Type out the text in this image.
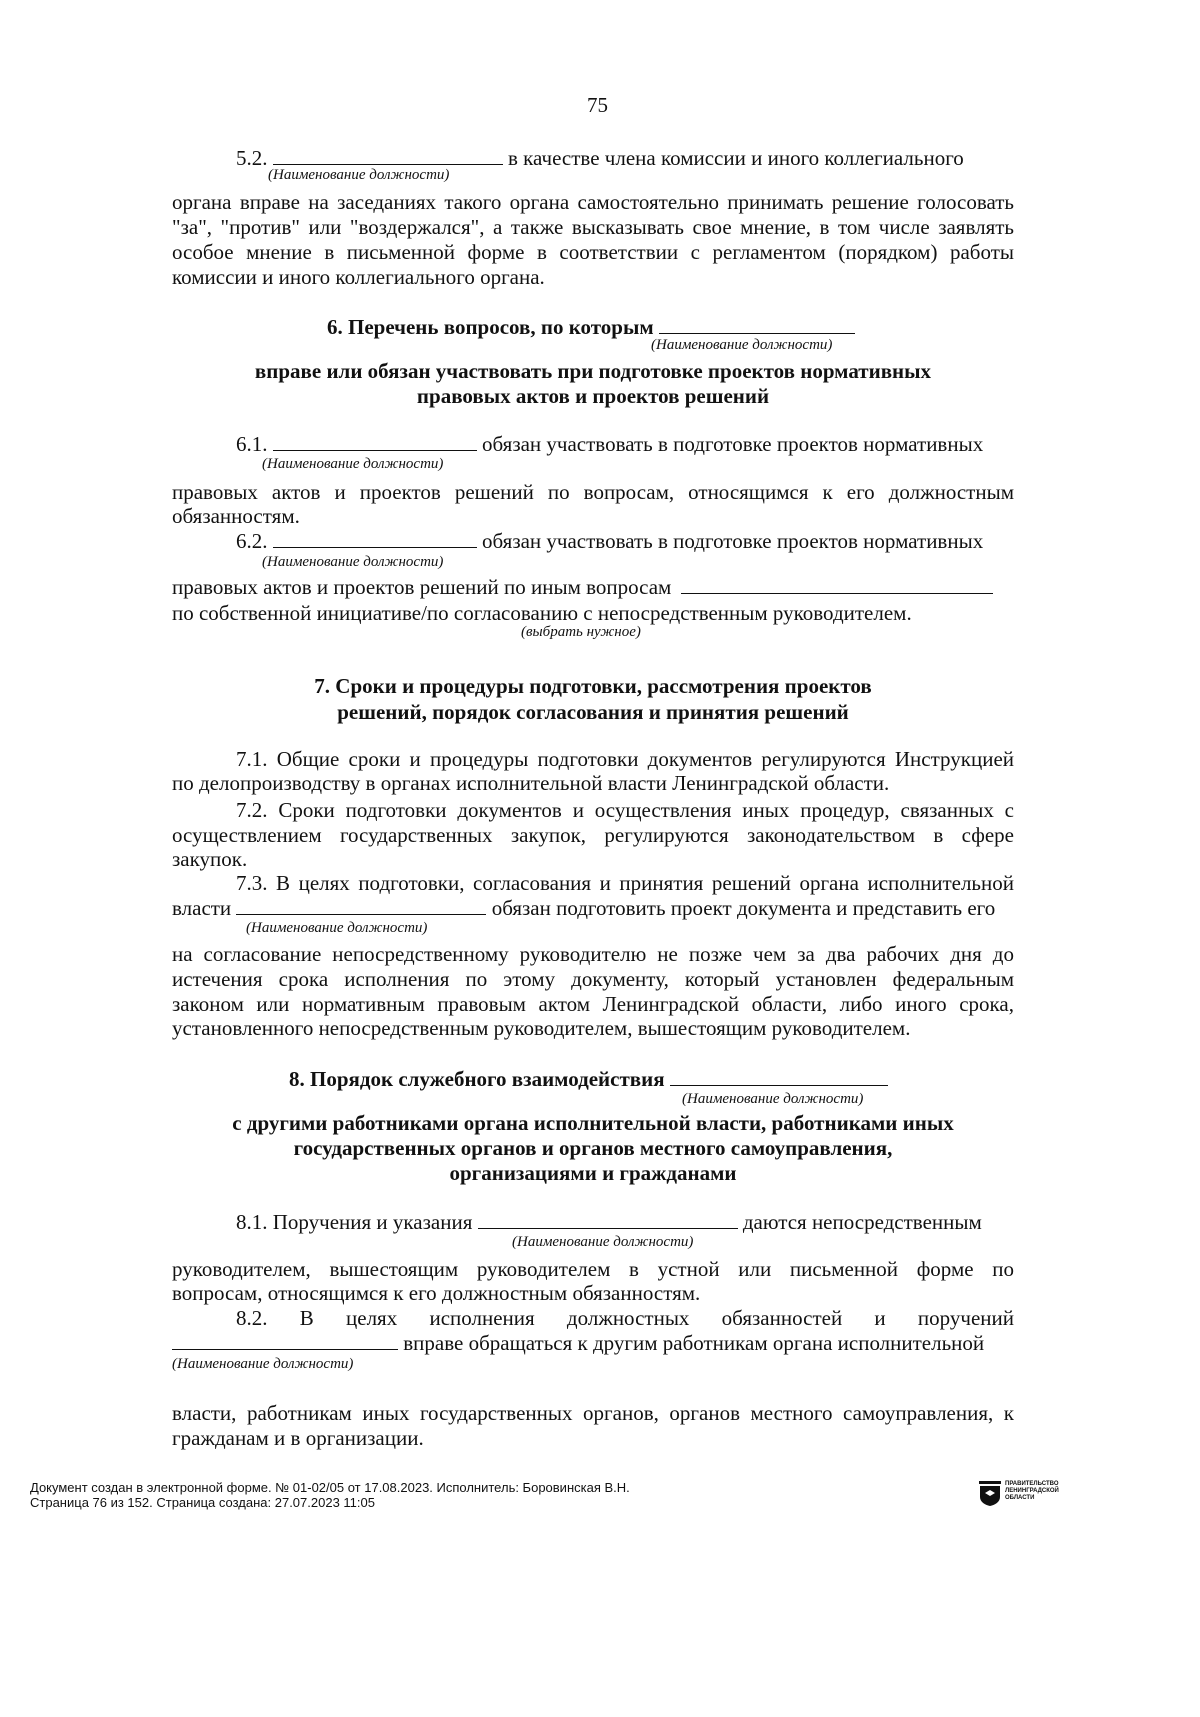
75
5.2.	в качестве члена комиссии и иного коллегиального
(Наименование должности)
органа вправе на заседаниях такого органа самостоятельно принимать решение голосовать
"за", "против" или "воздержался", а также высказывать свое мнение, в том числе заявлять
особое мнение в письменной форме в соответствии с регламентом (порядком) работы
комиссии и иного коллегиального органа.
6. Перечень вопросов, по которым
(Наименование должности)
вправе или обязан участвовать при подготовке проектов нормативных
правовых актов и проектов решений
6.1.	обязан участвовать в подготовке проектов нормативных
(Наименование должности)
правовых актов и проектов решений по вопросам, относящимся к его должностным
обязанностям.
6.2.	обязан участвовать в подготовке проектов нормативных
(Наименование должности)
правовых актов и проектов решений по иным вопросам
по собственной инициативе/по согласованию с непосредственным руководителем.
(выбрать нужное)
7. Сроки и процедуры подготовки, рассмотрения проектов
решений, порядок согласования и принятия решений
7.1. Общие сроки и процедуры подготовки документов регулируются Инструкцией
по делопроизводству в органах исполнительной власти Ленинградской области.
7.2. Сроки подготовки документов и осуществления иных процедур, связанных с
осуществлением государственных закупок, регулируются законодательством в сфере
закупок.
7.3. В целях подготовки, согласования и принятия решений органа исполнительной
власти	обязан подготовить проект документа и представить его
(Наименование должности)
на согласование непосредственному руководителю не позже чем за два рабочих дня до
истечения срока исполнения по этому документу, который установлен федеральным
законом или нормативным правовым актом Ленинградской области, либо иного срока,
установленного непосредственным руководителем, вышестоящим руководителем.
8. Порядок служебного взаимодействия
(Наименование должности)
с другими работниками органа исполнительной власти, работниками иных
государственных органов и органов местного самоуправления,
организациями и гражданами
8.1. Поручения и указания	даются непосредственным
(Наименование должности)
руководителем, вышестоящим руководителем в устной или письменной форме по
вопросам, относящимся к его должностным обязанностям.
8.2. В целях исполнения должностных обязанностей и поручений
вправе обращаться к другим работникам органа исполнительной
(Наименование должности)
власти, работникам иных государственных органов, органов местного самоуправления, к
гражданам и в организации.
Документ создан в электронной форме. № 01-02/05 от 17.08.2023. Исполнитель: Боровинская В.Н.
Страница 76 из 152. Страница создана: 27.07.2023 11:05
ПРАВИТЕЛЬСТВО
ЛЕНИНГРАДСКОЙ
ОБЛАСТИ
